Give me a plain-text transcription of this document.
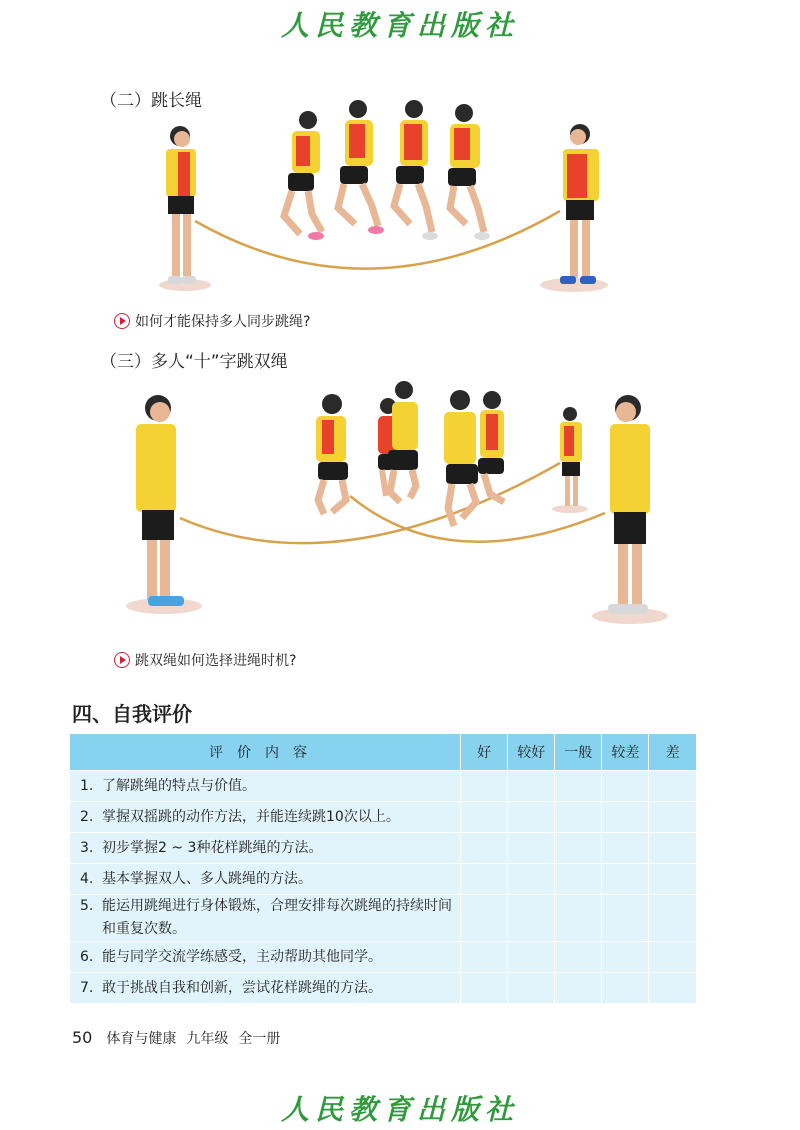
人民教育出版社
（二）跳长绳
如何才能保持多人同步跳绳?
（三）多人“十”字跳双绳
跳双绳如何选择进绳时机?
四、自我评价
评价内容	好	较好	一般	较差	差

1. 了解跳绳的特点与价值。					

2. 掌握双摇跳的动作方法，并能连续跳10次以上。					

3. 初步掌握2 ~ 3种花样跳绳的方法。					

4. 基本掌握双人、多人跳绳的方法。					

5. 能运用跳绳进行身体锻炼，合理安排每次跳绳的持续时间和重复次数。					

6. 能与同学交流学练感受，主动帮助其他同学。					

7. 敢于挑战自我和创新，尝试花样跳绳的方法。					

50 体育与健康 九年级 全一册
人民教育出版社
